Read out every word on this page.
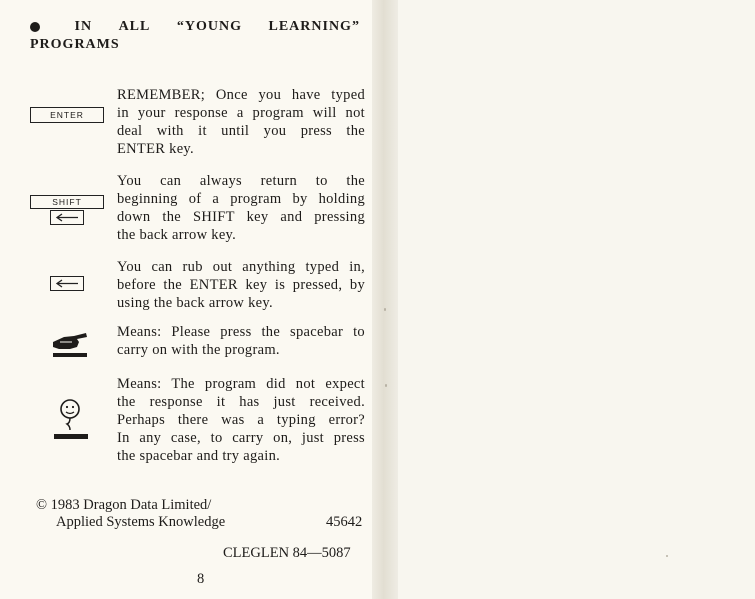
IN ALL “YOUNG LEARNING”
PROGRAMS
ENTER
REMEMBER; Once you have typed
in your response a program will not
deal with it until you press the
ENTER key.
SHIFT
You can always return to the
beginning of a program by holding
down the SHIFT key and pressing
the back arrow key.
You can rub out anything typed in,
before the ENTER key is pressed, by
using the back arrow key.
Means: Please press the spacebar to
carry on with the program.
Means: The program did not expect
the response it has just received.
Perhaps there was a typing error?
In any case, to carry on, just press
the spacebar and try again.
© 1983 Dragon Data Limited/
Applied Systems Knowledge	45642
CLEGLEN 84—5087
8
